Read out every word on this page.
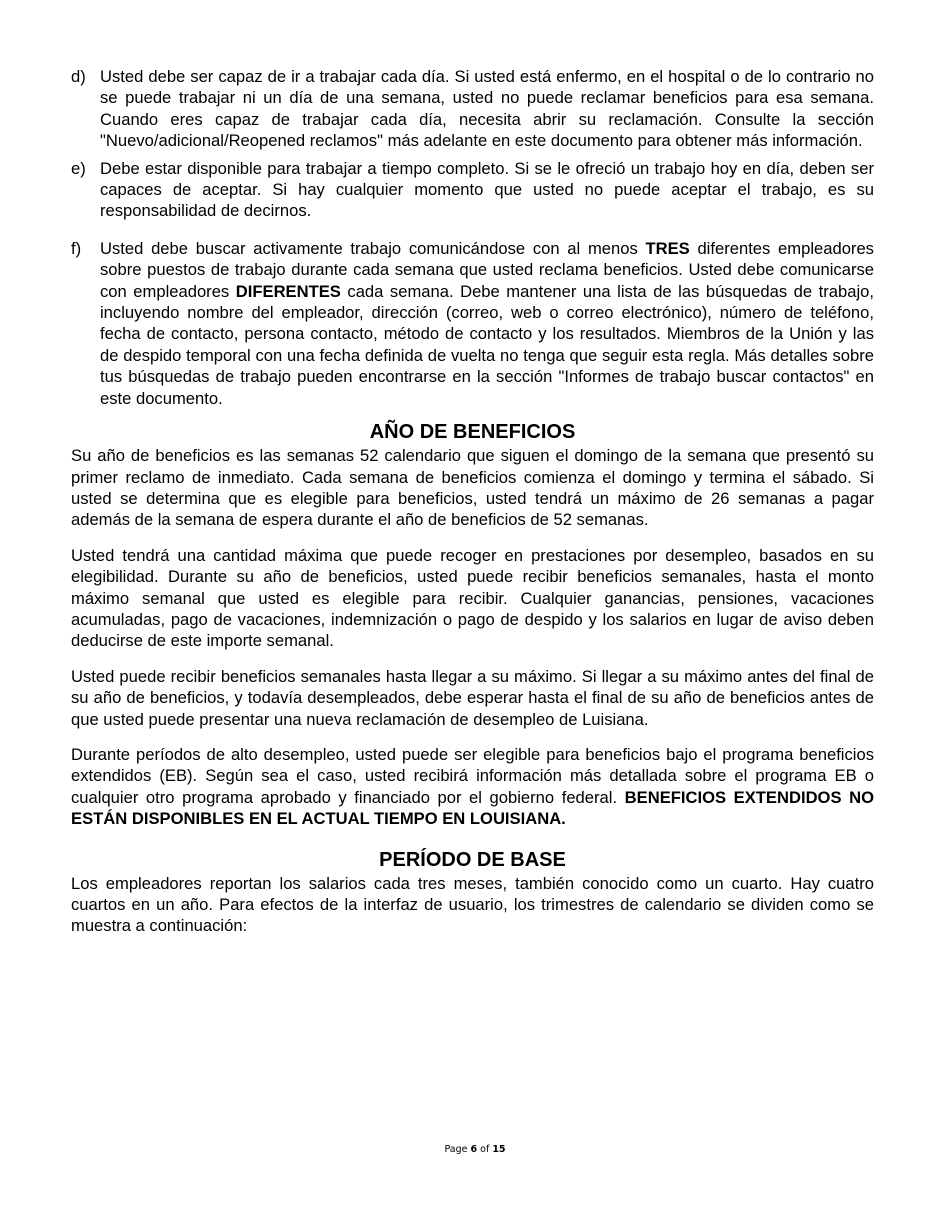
d) Usted debe ser capaz de ir a trabajar cada día. Si usted está enfermo, en el hospital o de lo contrario no se puede trabajar ni un día de una semana, usted no puede reclamar beneficios para esa semana. Cuando eres capaz de trabajar cada día, necesita abrir su reclamación. Consulte la sección "Nuevo/adicional/Reopened reclamos" más adelante en este documento para obtener más información.
e) Debe estar disponible para trabajar a tiempo completo. Si se le ofreció un trabajo hoy en día, deben ser capaces de aceptar. Si hay cualquier momento que usted no puede aceptar el trabajo, es su responsabilidad de decirnos.
f) Usted debe buscar activamente trabajo comunicándose con al menos TRES diferentes empleadores sobre puestos de trabajo durante cada semana que usted reclama beneficios. Usted debe comunicarse con empleadores DIFERENTES cada semana. Debe mantener una lista de las búsquedas de trabajo, incluyendo nombre del empleador, dirección (correo, web o correo electrónico), número de teléfono, fecha de contacto, persona contacto, método de contacto y los resultados. Miembros de la Unión y las de despido temporal con una fecha definida de vuelta no tenga que seguir esta regla. Más detalles sobre tus búsquedas de trabajo pueden encontrarse en la sección "Informes de trabajo buscar contactos" en este documento.
AÑO DE BENEFICIOS

Su año de beneficios es las semanas 52 calendario que siguen el domingo de la semana que presentó su primer reclamo de inmediato. Cada semana de beneficios comienza el domingo y termina el sábado. Si usted se determina que es elegible para beneficios, usted tendrá un máximo de 26 semanas a pagar además de la semana de espera durante el año de beneficios de 52 semanas.

Usted tendrá una cantidad máxima que puede recoger en prestaciones por desempleo, basados en su elegibilidad. Durante su año de beneficios, usted puede recibir beneficios semanales, hasta el monto máximo semanal que usted es elegible para recibir. Cualquier ganancias, pensiones, vacaciones acumuladas, pago de vacaciones, indemnización o pago de despido y los salarios en lugar de aviso deben deducirse de este importe semanal.

Usted puede recibir beneficios semanales hasta llegar a su máximo. Si llegar a su máximo antes del final de su año de beneficios, y todavía desempleados, debe esperar hasta el final de su año de beneficios antes de que usted puede presentar una nueva reclamación de desempleo de Luisiana.

Durante períodos de alto desempleo, usted puede ser elegible para beneficios bajo el programa beneficios extendidos (EB). Según sea el caso, usted recibirá información más detallada sobre el programa EB o cualquier otro programa aprobado y financiado por el gobierno federal. BENEFICIOS EXTENDIDOS NO ESTÁN DISPONIBLES EN EL ACTUAL TIEMPO EN LOUISIANA.

PERÍODO DE BASE

Los empleadores reportan los salarios cada tres meses, también conocido como un cuarto. Hay cuatro cuartos en un año. Para efectos de la interfaz de usuario, los trimestres de calendario se dividen como se muestra a continuación:

Page 6 of 15
